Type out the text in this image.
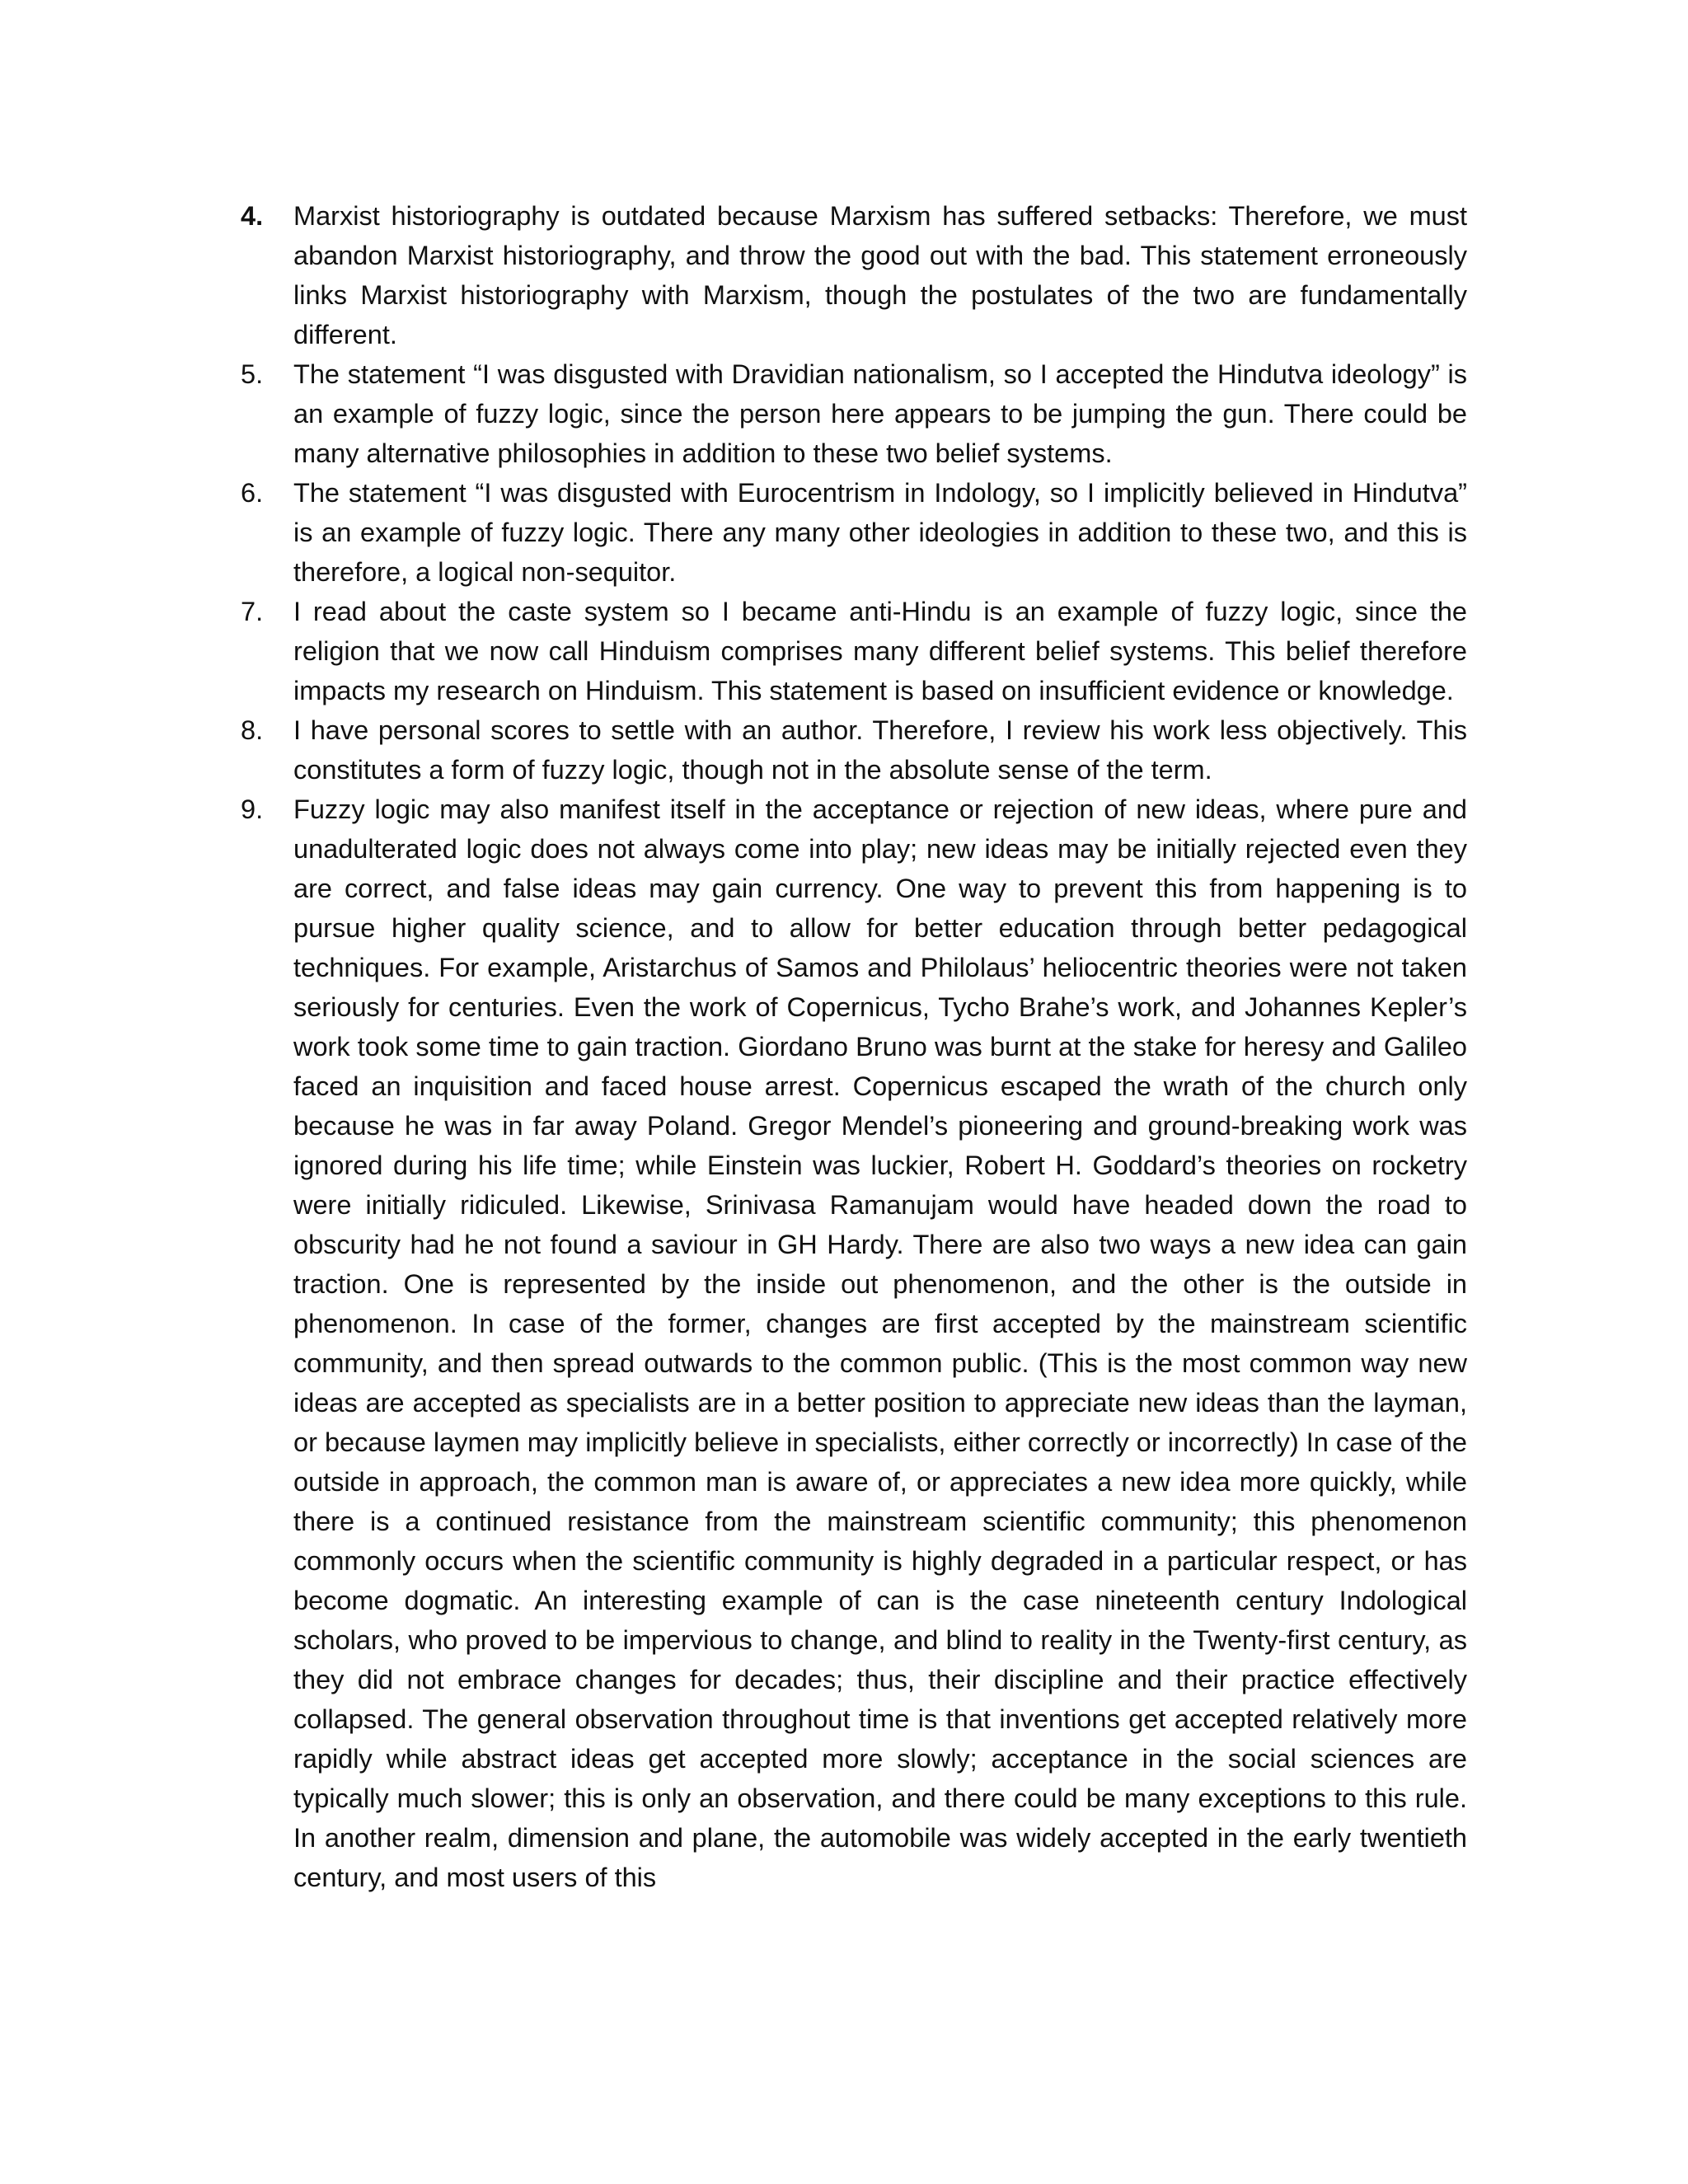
4.	Marxist historiography is outdated because Marxism has suffered setbacks: Therefore, we must abandon Marxist historiography, and throw the good out with the bad. This statement erroneously links Marxist historiography with Marxism, though the postulates of the two are fundamentally different.
5.	The statement “I was disgusted with Dravidian nationalism, so I accepted the Hindutva ideology” is an example of fuzzy logic, since the person here appears to be jumping the gun. There could be many alternative philosophies in addition to these two belief systems.
6.	The statement “I was disgusted with Eurocentrism in Indology, so I implicitly believed in Hindutva” is an example of fuzzy logic. There any many other ideologies in addition to these two, and this is therefore, a logical non-sequitor.
7.	I read about the caste system so I became anti-Hindu is an example of fuzzy logic, since the religion that we now call Hinduism comprises many different belief systems. This belief therefore impacts my research on Hinduism. This statement is based on insufficient evidence or knowledge.
8.	I have personal scores to settle with an author. Therefore, I review his work less objectively. This constitutes a form of fuzzy logic, though not in the absolute sense of the term.
9.	Fuzzy logic may also manifest itself in the acceptance or rejection of new ideas, where pure and unadulterated logic does not always come into play; new ideas may be initially rejected even they are correct, and false ideas may gain currency. One way to prevent this from happening is to pursue higher quality science, and to allow for better education through better pedagogical techniques. For example, Aristarchus of Samos and Philolaus’ heliocentric theories were not taken seriously for centuries. Even the work of Copernicus, Tycho Brahe’s work, and Johannes Kepler’s work took some time to gain traction. Giordano Bruno was burnt at the stake for heresy and Galileo faced an inquisition and faced house arrest. Copernicus escaped the wrath of the church only because he was in far away Poland. Gregor Mendel’s pioneering and ground-breaking work was ignored during his life time; while Einstein was luckier, Robert H. Goddard’s theories on rocketry were initially ridiculed. Likewise, Srinivasa Ramanujam would have headed down the road to obscurity had he not found a saviour in GH Hardy. There are also two ways a new idea can gain traction. One is represented by the inside out phenomenon, and the other is the outside in phenomenon. In case of the former, changes are first accepted by the mainstream scientific community, and then spread outwards to the common public. (This is the most common way new ideas are accepted as specialists are in a better position to appreciate new ideas than the layman, or because laymen may implicitly believe in specialists, either correctly or incorrectly) In case of the outside in approach, the common man is aware of, or appreciates a new idea more quickly, while there is a continued resistance from the mainstream scientific community; this phenomenon commonly occurs when the scientific community is highly degraded in a particular respect, or has become dogmatic. An interesting example of can is the case nineteenth century Indological scholars, who proved to be impervious to change, and blind to reality in the Twenty-first century, as they did not embrace changes for decades; thus, their discipline and their practice effectively collapsed. The general observation throughout time is that inventions get accepted relatively more rapidly while abstract ideas get accepted more slowly; acceptance in the social sciences are typically much slower; this is only an observation, and there could be many exceptions to this rule. In another realm, dimension and plane, the automobile was widely accepted in the early twentieth century, and most users of this
